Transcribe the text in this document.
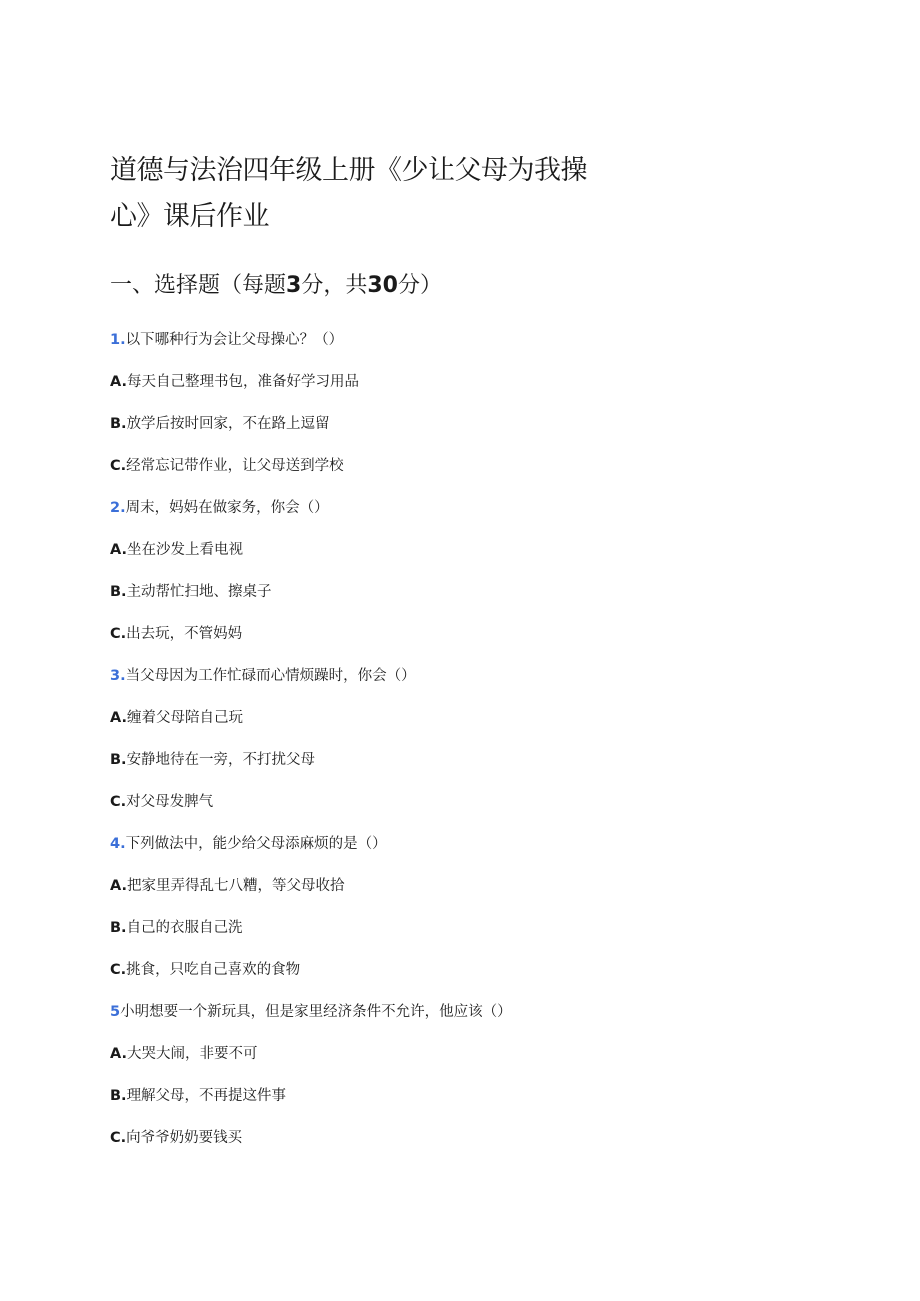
道德与法治四年级上册《少让父母为我操
心》课后作业
一、选择题（每题3分，共30分）
1.以下哪种行为会让父母操心？（）
A.每天自己整理书包，准备好学习用品
B.放学后按时回家，不在路上逗留
C.经常忘记带作业，让父母送到学校
2.周末，妈妈在做家务，你会（）
A.坐在沙发上看电视
B.主动帮忙扫地、擦桌子
C.出去玩，不管妈妈
3.当父母因为工作忙碌而心情烦躁时，你会（）
A.缠着父母陪自己玩
B.安静地待在一旁，不打扰父母
C.对父母发脾气
4.下列做法中，能少给父母添麻烦的是（）
A.把家里弄得乱七八糟，等父母收拾
B.自己的衣服自己洗
C.挑食，只吃自己喜欢的食物
5小明想要一个新玩具，但是家里经济条件不允许，他应该（）
A.大哭大闹，非要不可
B.理解父母，不再提这件事
C.向爷爷奶奶要钱买
